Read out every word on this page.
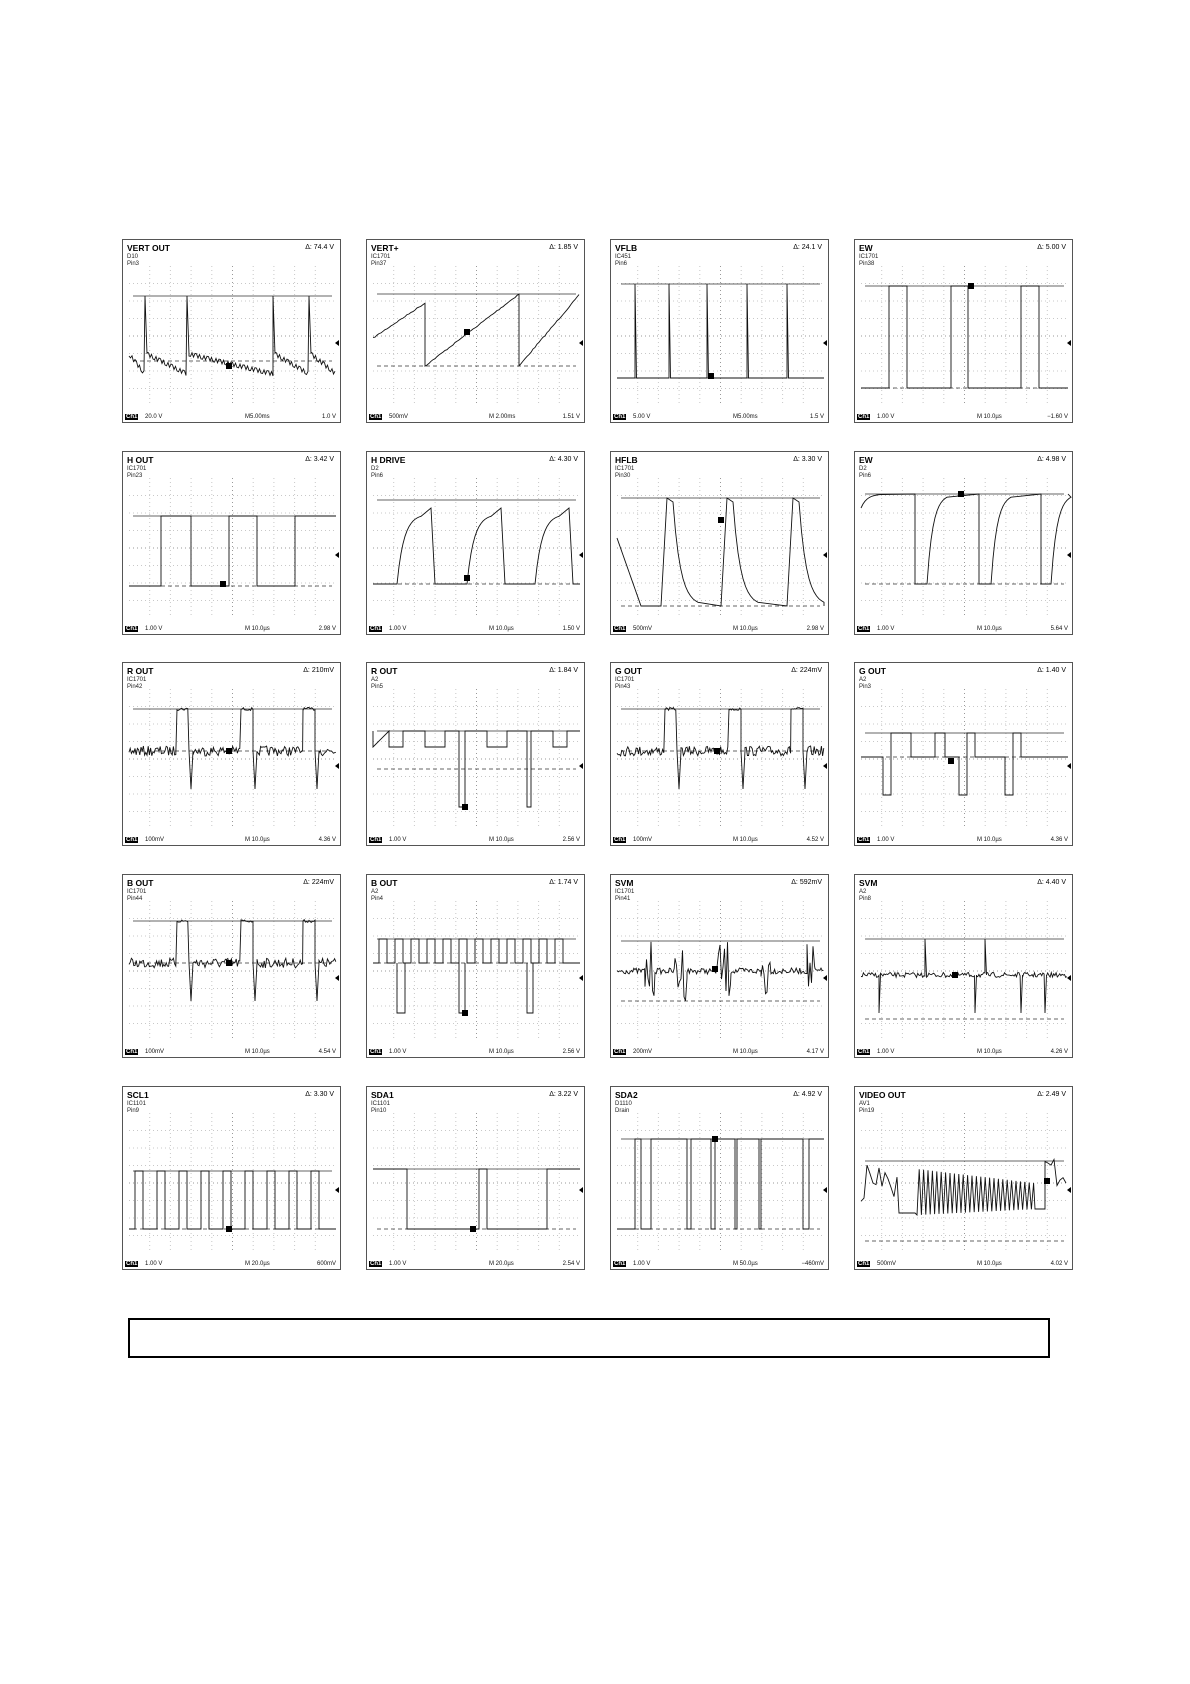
VERT OUT
D10
Pin3
Δ: 74.4 V
Ch1 20.0 V	M5.00ms	1.0 V
VERT+
IC1701
Pin37
Δ: 1.85 V
Ch1 500mV	M 2.00ms	1.51 V
VFLB
IC451
Pin6
Δ: 24.1 V
Ch1 5.00 V	M5.00ms	1.5 V
EW
IC1701
Pin38
Δ: 5.00 V
Ch1 1.00 V	M 10.0µs	−1.60 V
H OUT
IC1701
Pin23
Δ: 3.42 V
Ch1 1.00 V	M 10.0µs	2.98 V
H DRIVE
D2
Pin6
Δ: 4.30 V
Ch1 1.00 V	M 10.0µs	1.50 V
HFLB
IC1701
Pin30
Δ: 3.30 V
Ch1 500mV	M 10.0µs	2.98 V
EW
D2
Pin6
Δ: 4.98 V
Ch1 1.00 V	M 10.0µs	5.64 V
R OUT
IC1701
Pin42
Δ: 210mV
Ch1 100mV	M 10.0µs	4.36 V
R OUT
A2
Pin5
Δ: 1.84 V
Ch1 1.00 V	M 10.0µs	2.56 V
G OUT
IC1701
Pin43
Δ: 224mV
Ch1 100mV	M 10.0µs	4.52 V
G OUT
A2
Pin3
Δ: 1.40 V
Ch1 1.00 V	M 10.0µs	4.36 V
B OUT
IC1701
Pin44
Δ: 224mV
Ch1 100mV	M 10.0µs	4.54 V
B OUT
A2
Pin4
Δ: 1.74 V
Ch1 1.00 V	M 10.0µs	2.56 V
SVM
IC1701
Pin41
Δ: 592mV
Ch1 200mV	M 10.0µs	4.17 V
SVM
A2
Pin8
Δ: 4.40 V
Ch1 1.00 V	M 10.0µs	4.26 V
SCL1
IC1101
Pin9
Δ: 3.30 V
Ch1 1.00 V	M 20.0µs	600mV
SDA1
IC1101
Pin10
Δ: 3.22 V
Ch1 1.00 V	M 20.0µs	2.54 V
SDA2
D1110
Drain
Δ: 4.92 V
Ch1 1.00 V	M 50.0µs	−460mV
VIDEO OUT
AV1
Pin19
Δ: 2.49 V
Ch1 500mV	M 10.0µs	4.02 V
